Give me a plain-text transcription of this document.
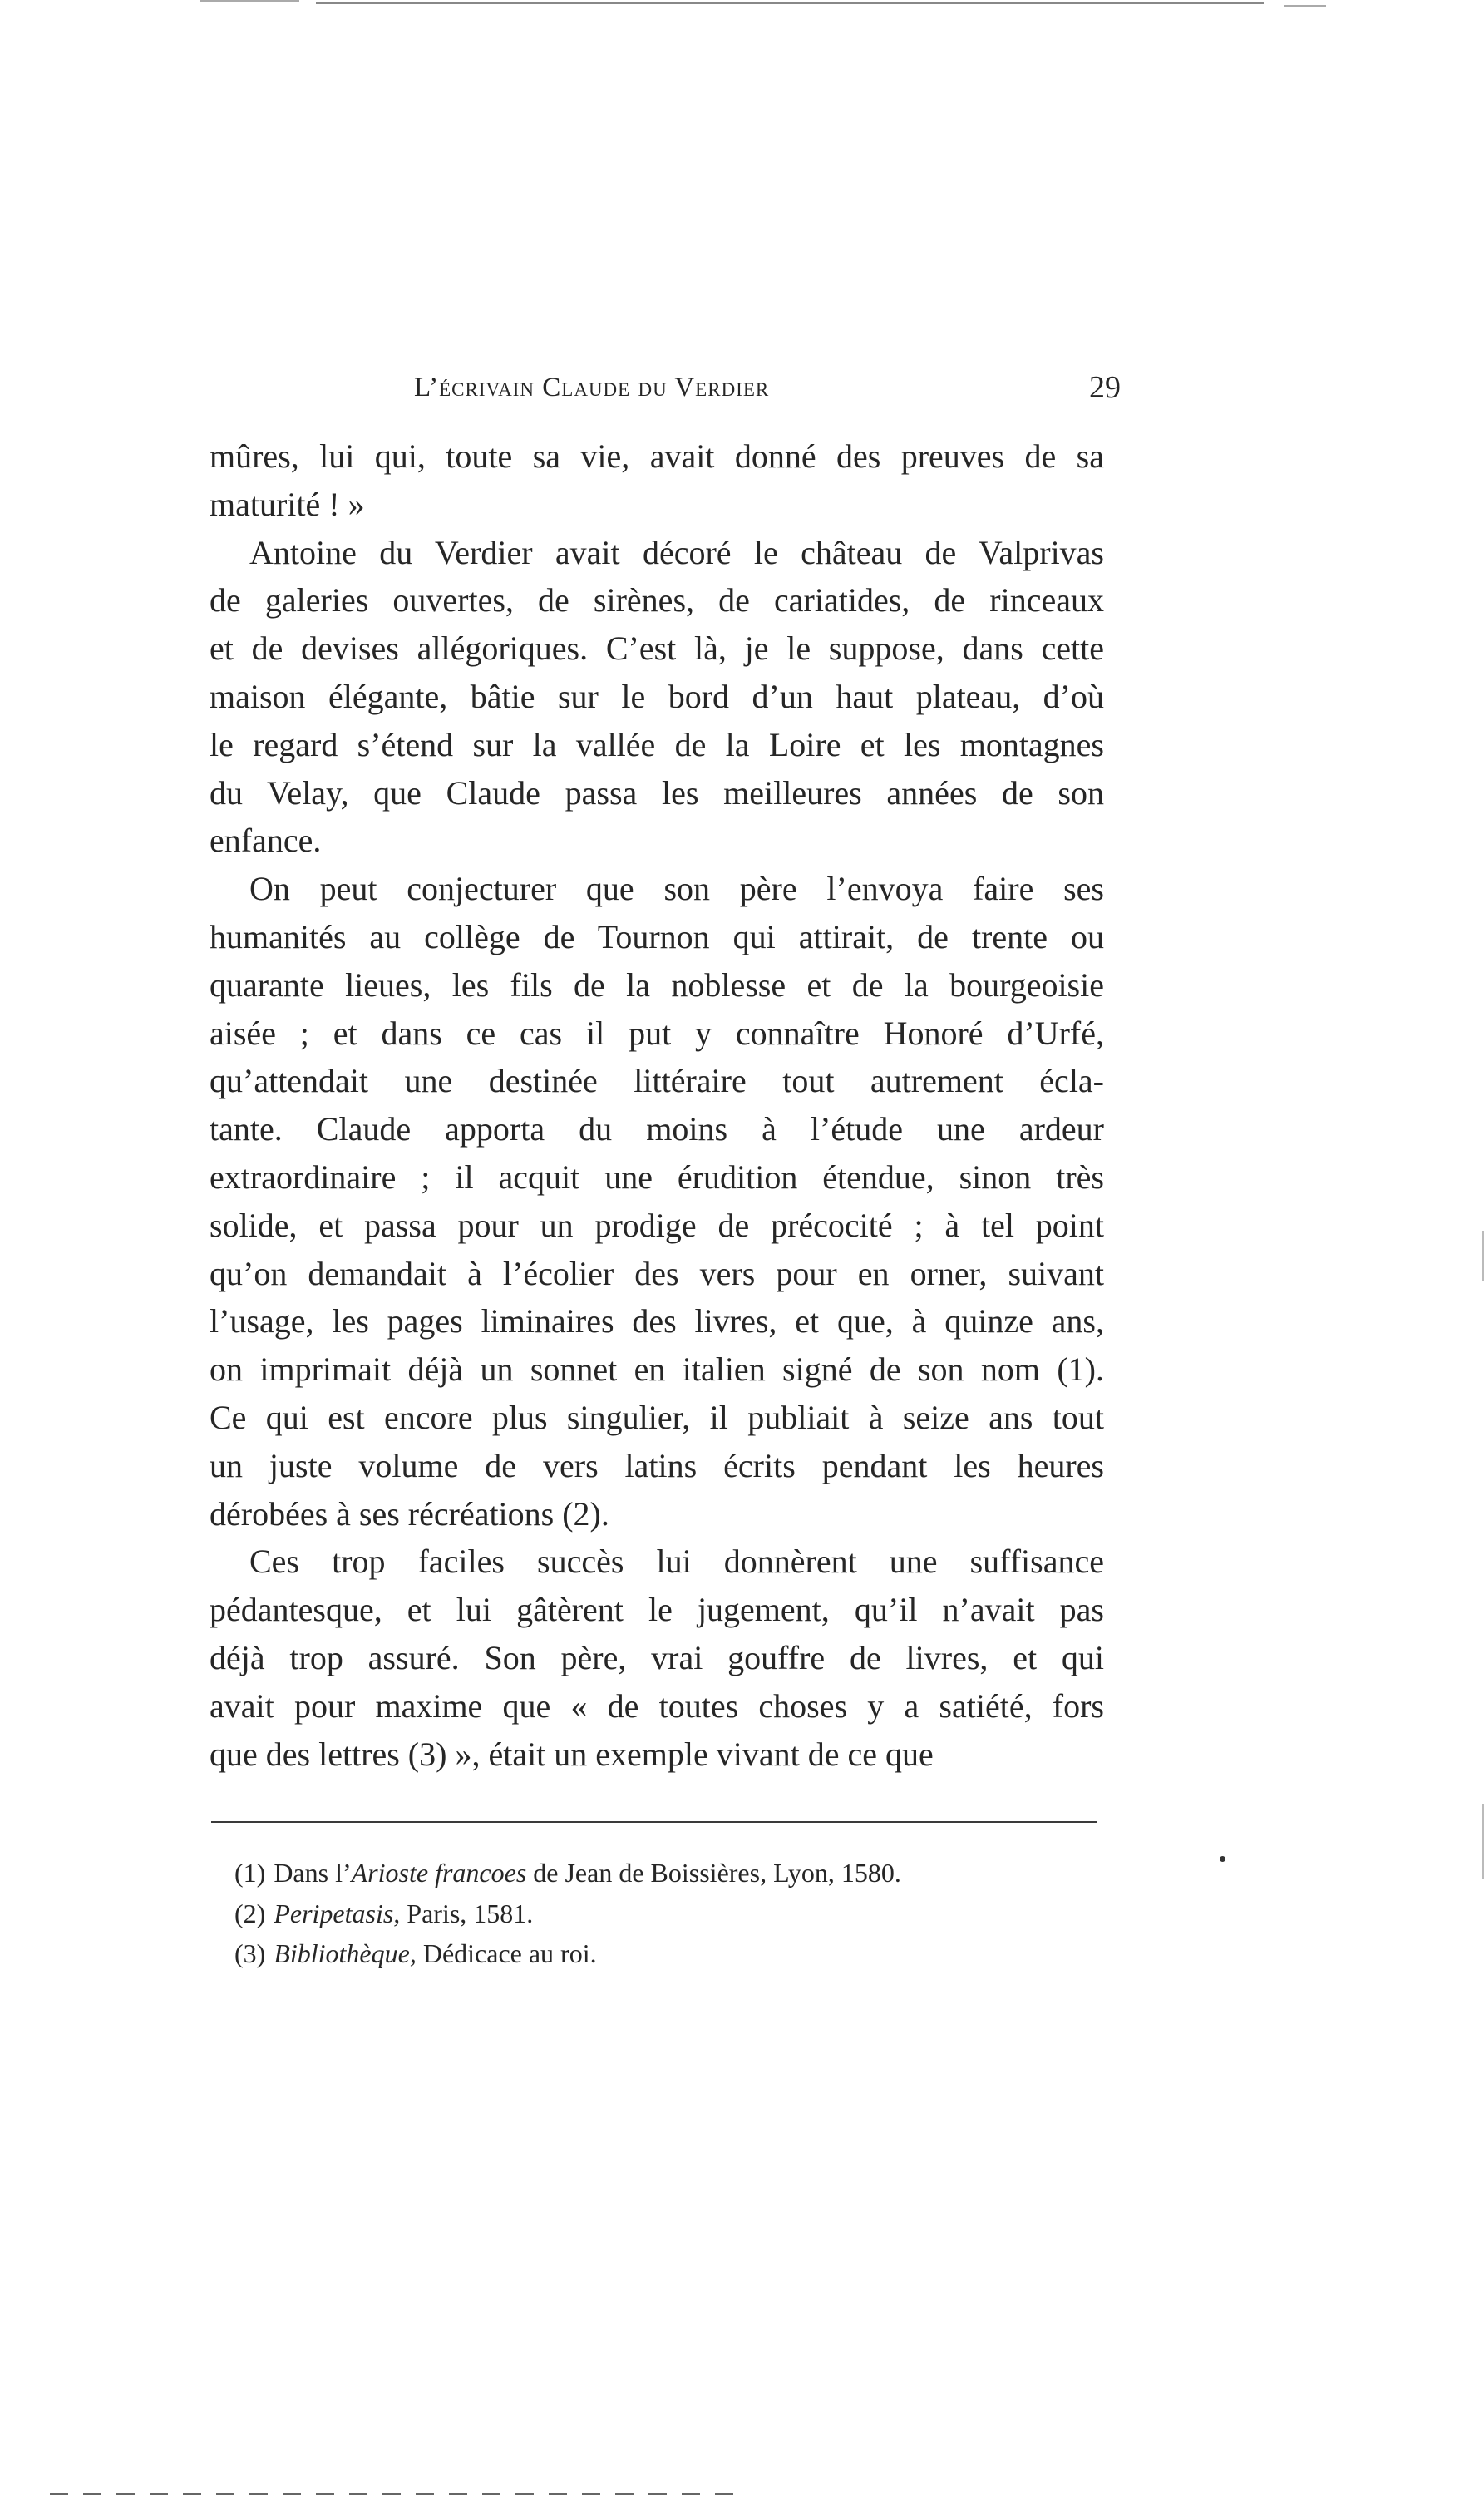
L’écrivain Claude du Verdier	29

mûres, lui qui, toute sa vie, avait donné des preuves de sa
maturité ! »

Antoine du Verdier avait décoré le château de Valprivas
de galeries ouvertes, de sirènes, de cariatides, de rinceaux
et de devises allégoriques. C’est là, je le suppose, dans cette
maison élégante, bâtie sur le bord d’un haut plateau, d’où
le regard s’étend sur la vallée de la Loire et les montagnes
du Velay, que Claude passa les meilleures années de son
enfance.

On peut conjecturer que son père l’envoya faire ses
humanités au collège de Tournon qui attirait, de trente ou
quarante lieues, les fils de la noblesse et de la bourgeoisie
aisée ; et dans ce cas il put y connaître Honoré d’Urfé,
qu’attendait une destinée littéraire tout autrement écla-
tante. Claude apporta du moins à l’étude une ardeur
extraordinaire ; il acquit une érudition étendue, sinon très
solide, et passa pour un prodige de précocité ; à tel point
qu’on demandait à l’écolier des vers pour en orner, suivant
l’usage, les pages liminaires des livres, et que, à quinze ans,
on imprimait déjà un sonnet en italien signé de son nom (1).
Ce qui est encore plus singulier, il publiait à seize ans tout
un juste volume de vers latins écrits pendant les heures
dérobées à ses récréations (2).

Ces trop faciles succès lui donnèrent une suffisance
pédantesque, et lui gâtèrent le jugement, qu’il n’avait pas
déjà trop assuré. Son père, vrai gouffre de livres, et qui
avait pour maxime que « de toutes choses y a satiété, fors
que des lettres (3) », était un exemple vivant de ce que

(1) Dans l’Arioste francoes de Jean de Boissières, Lyon, 1580.
(2) Peripetasis, Paris, 1581.
(3) Bibliothèque, Dédicace au roi.
